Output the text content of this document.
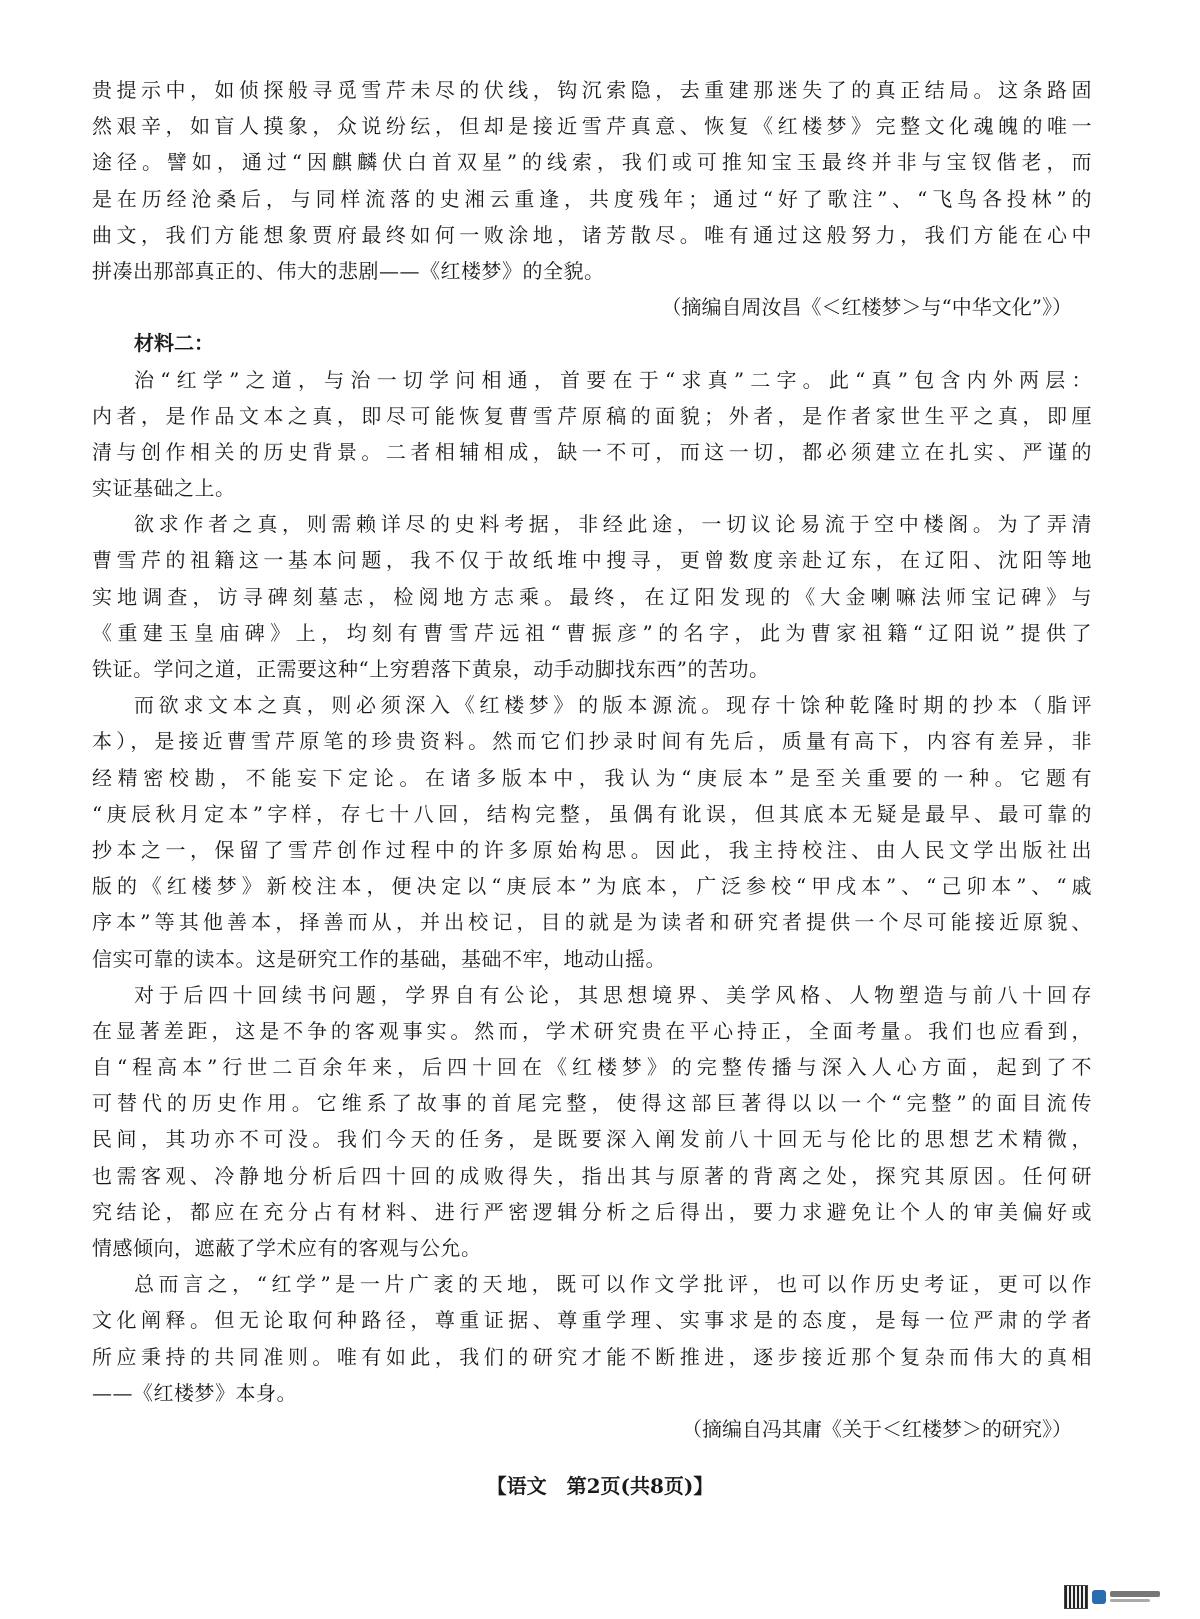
贵提示中，如侦探般寻觅雪芹未尽的伏线，钩沉索隐，去重建那迷失了的真正结局。这条路固
然艰辛，如盲人摸象，众说纷纭，但却是接近雪芹真意、恢复《红楼梦》完整文化魂魄的唯一
途径。譬如，通过“因麒麟伏白首双星”的线索，我们或可推知宝玉最终并非与宝钗偕老，而
是在历经沧桑后，与同样流落的史湘云重逢，共度残年；通过“好了歌注”、“飞鸟各投林”的
曲文，我们方能想象贾府最终如何一败涂地，诸芳散尽。唯有通过这般努力，我们方能在心中
拼凑出那部真正的、伟大的悲剧——《红楼梦》的全貌。
（摘编自周汝昌《＜红楼梦＞与“中华文化”》）
材料二：
治“红学”之道，与治一切学问相通，首要在于“求真”二字。此“真”包含内外两层：
内者，是作品文本之真，即尽可能恢复曹雪芹原稿的面貌；外者，是作者家世生平之真，即厘
清与创作相关的历史背景。二者相辅相成，缺一不可，而这一切，都必须建立在扎实、严谨的
实证基础之上。
欲求作者之真，则需赖详尽的史料考据，非经此途，一切议论易流于空中楼阁。为了弄清
曹雪芹的祖籍这一基本问题，我不仅于故纸堆中搜寻，更曾数度亲赴辽东，在辽阳、沈阳等地
实地调查，访寻碑刻墓志，检阅地方志乘。最终，在辽阳发现的《大金喇嘛法师宝记碑》与
《重建玉皇庙碑》上，均刻有曹雪芹远祖“曹振彦”的名字，此为曹家祖籍“辽阳说”提供了
铁证。学问之道，正需要这种“上穷碧落下黄泉，动手动脚找东西”的苦功。
而欲求文本之真，则必须深入《红楼梦》的版本源流。现存十馀种乾隆时期的抄本（脂评
本），是接近曹雪芹原笔的珍贵资料。然而它们抄录时间有先后，质量有高下，内容有差异，非
经精密校勘，不能妄下定论。在诸多版本中，我认为“庚辰本”是至关重要的一种。它题有
“庚辰秋月定本”字样，存七十八回，结构完整，虽偶有讹误，但其底本无疑是最早、最可靠的
抄本之一，保留了雪芹创作过程中的许多原始构思。因此，我主持校注、由人民文学出版社出
版的《红楼梦》新校注本，便决定以“庚辰本”为底本，广泛参校“甲戌本”、“己卯本”、“戚
序本”等其他善本，择善而从，并出校记，目的就是为读者和研究者提供一个尽可能接近原貌、
信实可靠的读本。这是研究工作的基础，基础不牢，地动山摇。
对于后四十回续书问题，学界自有公论，其思想境界、美学风格、人物塑造与前八十回存
在显著差距，这是不争的客观事实。然而，学术研究贵在平心持正，全面考量。我们也应看到，
自“程高本”行世二百余年来，后四十回在《红楼梦》的完整传播与深入人心方面，起到了不
可替代的历史作用。它维系了故事的首尾完整，使得这部巨著得以以一个“完整”的面目流传
民间，其功亦不可没。我们今天的任务，是既要深入阐发前八十回无与伦比的思想艺术精微，
也需客观、冷静地分析后四十回的成败得失，指出其与原著的背离之处，探究其原因。任何研
究结论，都应在充分占有材料、进行严密逻辑分析之后得出，要力求避免让个人的审美偏好或
情感倾向，遮蔽了学术应有的客观与公允。
总而言之，“红学”是一片广袤的天地，既可以作文学批评，也可以作历史考证，更可以作
文化阐释。但无论取何种路径，尊重证据、尊重学理、实事求是的态度，是每一位严肃的学者
所应秉持的共同准则。唯有如此，我们的研究才能不断推进，逐步接近那个复杂而伟大的真相
——《红楼梦》本身。
（摘编自冯其庸《关于＜红楼梦＞的研究》）
【语文　第2页(共8页)】
